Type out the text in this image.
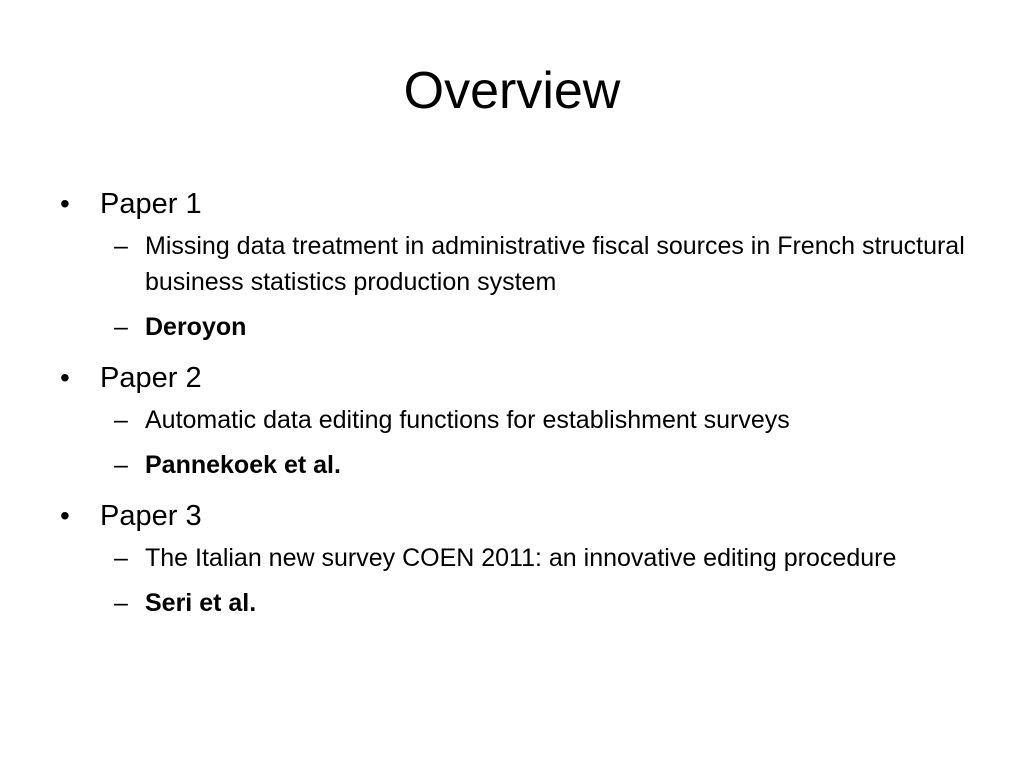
Overview
• Paper 1
– Missing data treatment in administrative fiscal sources in French structural business statistics production system
– Deroyon
• Paper 2
– Automatic data editing functions for establishment surveys
– Pannekoek et al.
• Paper 3
– The Italian new survey COEN 2011: an innovative editing procedure
– Seri et al.
